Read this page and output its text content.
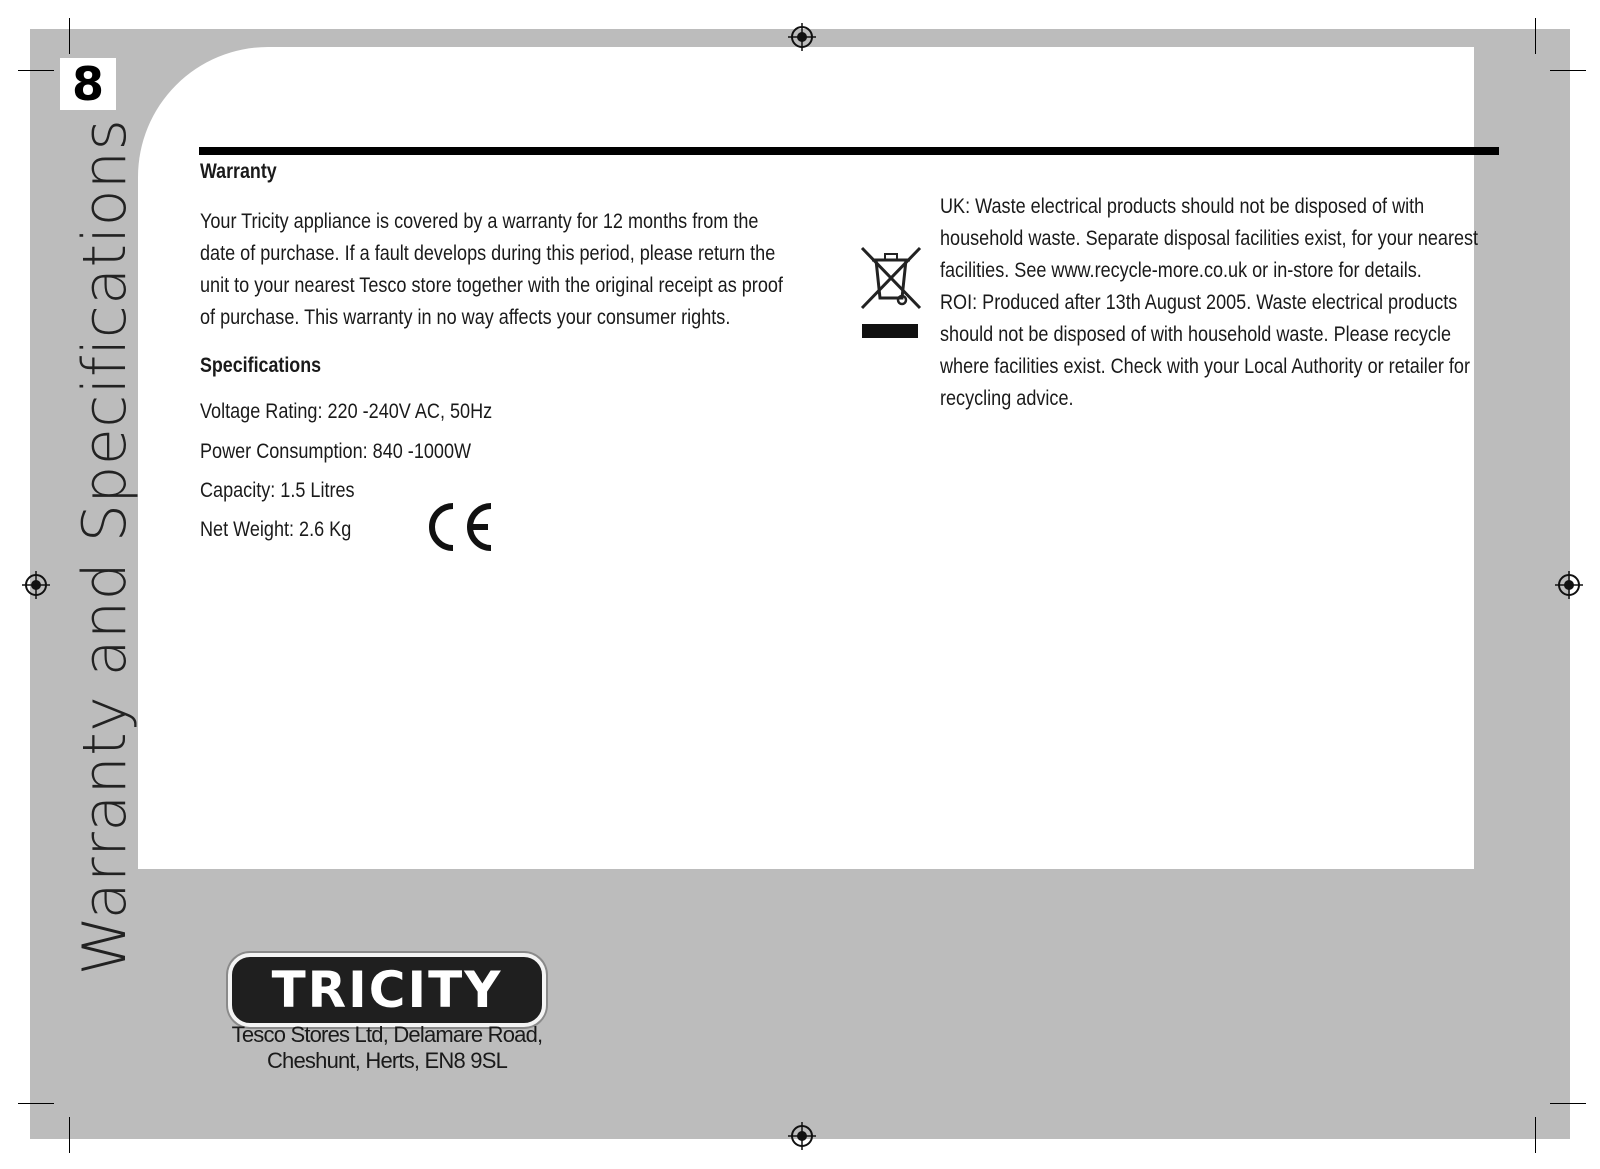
8
Warranty and Specifications	Warranty
Your Tricity appliance is covered by a warranty for 12 months from the date of purchase. If a fault develops during this period, please return the unit to your nearest Tesco store together with the original receipt as proof of purchase. This warranty in no way affects your consumer rights.
Specifications
Voltage Rating: 220 -240V AC, 50Hz
Power Consumption: 840 -1000W
Capacity: 1.5 Litres
Net Weight: 2.6 Kg
UK: Waste electrical products should not be disposed of with household waste. Separate disposal facilities exist, for your nearest facilities. See www.recycle-more.co.uk or in-store for details.
ROI: Produced after 13th August 2005. Waste electrical products should not be disposed of with household waste. Please recycle where facilities exist. Check with your Local Authority or retailer for recycling advice.
TRICITY
Tesco Stores Ltd, Delamare Road,
Cheshunt, Herts, EN8 9SL
